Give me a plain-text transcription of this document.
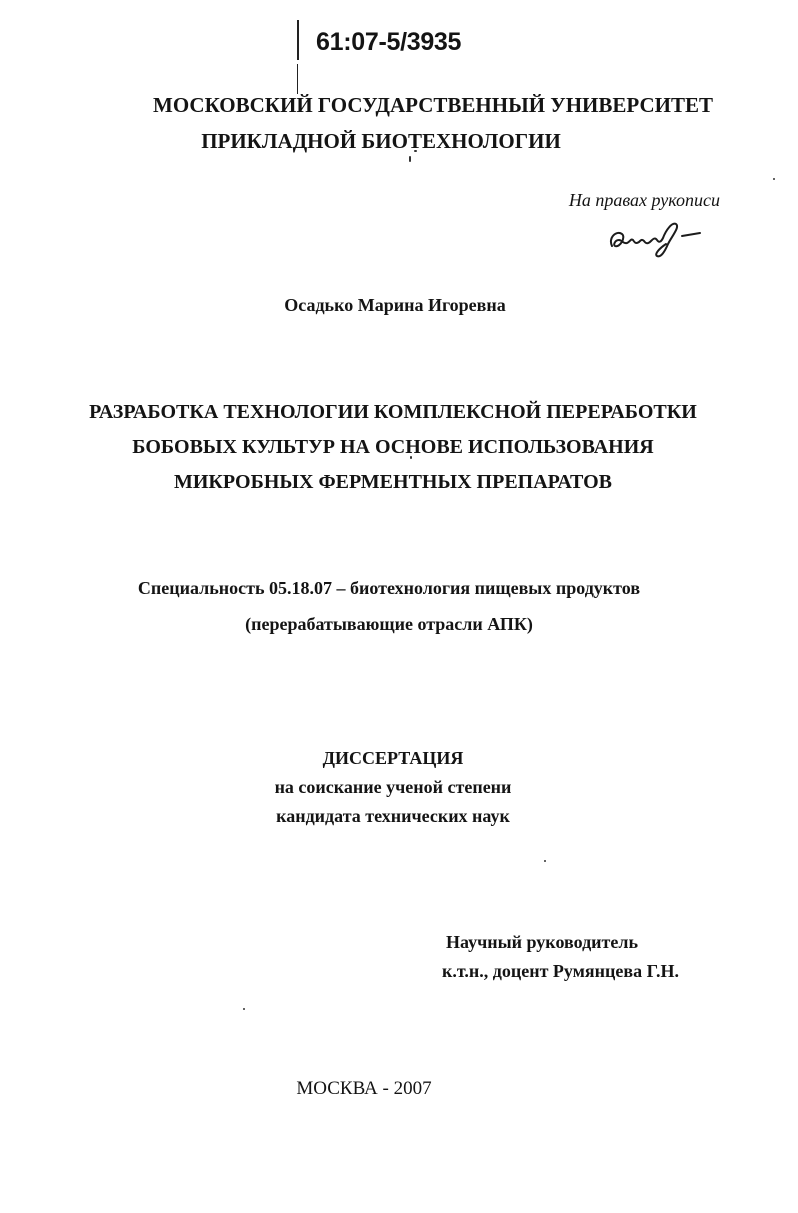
61:07-5/3935
МОСКОВСКИЙ ГОСУДАРСТВЕННЫЙ УНИВЕРСИТЕТ
ПРИКЛАДНОЙ БИОТЕХНОЛОГИИ
На правах рукописи
Осадько Марина Игоревна
РАЗРАБОТКА ТЕХНОЛОГИИ КОМПЛЕКСНОЙ ПЕРЕРАБОТКИ
БОБОВЫХ КУЛЬТУР НА ОСНОВЕ ИСПОЛЬЗОВАНИЯ
МИКРОБНЫХ ФЕРМЕНТНЫХ ПРЕПАРАТОВ
Специальность 05.18.07 – биотехнология пищевых продуктов
(перерабатывающие отрасли АПК)
ДИССЕРТАЦИЯ
на соискание ученой степени
кандидата технических наук
Научный руководитель
к.т.н., доцент Румянцева Г.Н.
МОСКВА - 2007
